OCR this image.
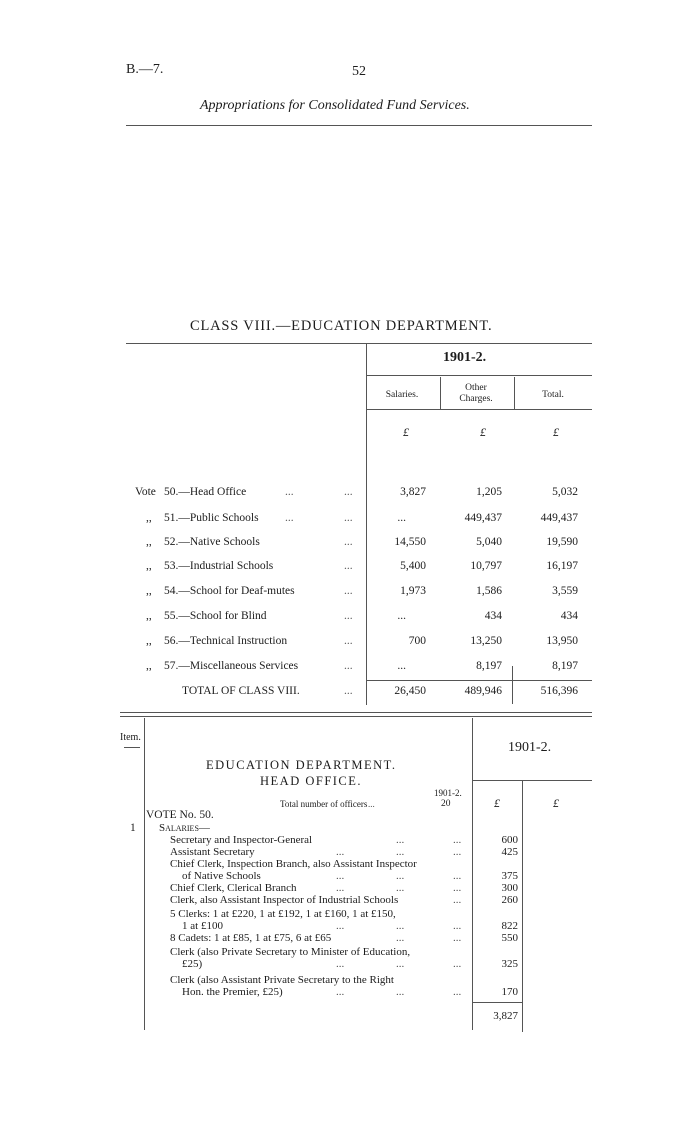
B.—7.	52
Appropriations for Consolidated Fund Services.
CLASS VIII.—EDUCATION DEPARTMENT.
1901-2.
Salaries.
Other
Charges.	Total.
£	£	£
Vote 50.—Head Office	...	...	3,827	1,205	5,032
,, 51.—Public Schools ...	...	...	449,437	449,437
,, 52.—Native Schools	...	14,550	5,040	19,590
,, 53.—Industrial Schools	...	5,400	10,797	16,197
,, 54.—School for Deaf-mutes	...	1,973	1,586	3,559
,, 55.—School for Blind	...	...	434	434
,, 56.—Technical Instruction	...	700	13,250	13,950
,, 57.—Miscellaneous Services	...	...	8,197	8,197
TOTAL OF CLASS VIII.	...	26,450	489,946	516,396
Item.
1901-2.
EDUCATION DEPARTMENT.
HEAD OFFICE.
1901-2.
Total number of officers ...	20	£	£
VOTE No. 50.
1 Salaries—
Secretary and Inspector-General	...	...	600
Assistant Secretary	...	...	...	425
Chief Clerk, Inspection Branch, also Assistant Inspector
of Native Schools	...	...	...	375
Chief Clerk, Clerical Branch	...	...	...	300
Clerk, also Assistant Inspector of Industrial Schools	...	260
5 Clerks: 1 at £220, 1 at £192, 1 at £160, 1 at £150,
1 at £100	...	...	...	822
8 Cadets: 1 at £85, 1 at £75, 6 at £65	...	...	550
Clerk (also Private Secretary to Minister of Education,
£25)	...	...	...	325
Clerk (also Assistant Private Secretary to the Right
Hon. the Premier, £25)	...	...	...	170
3,827
